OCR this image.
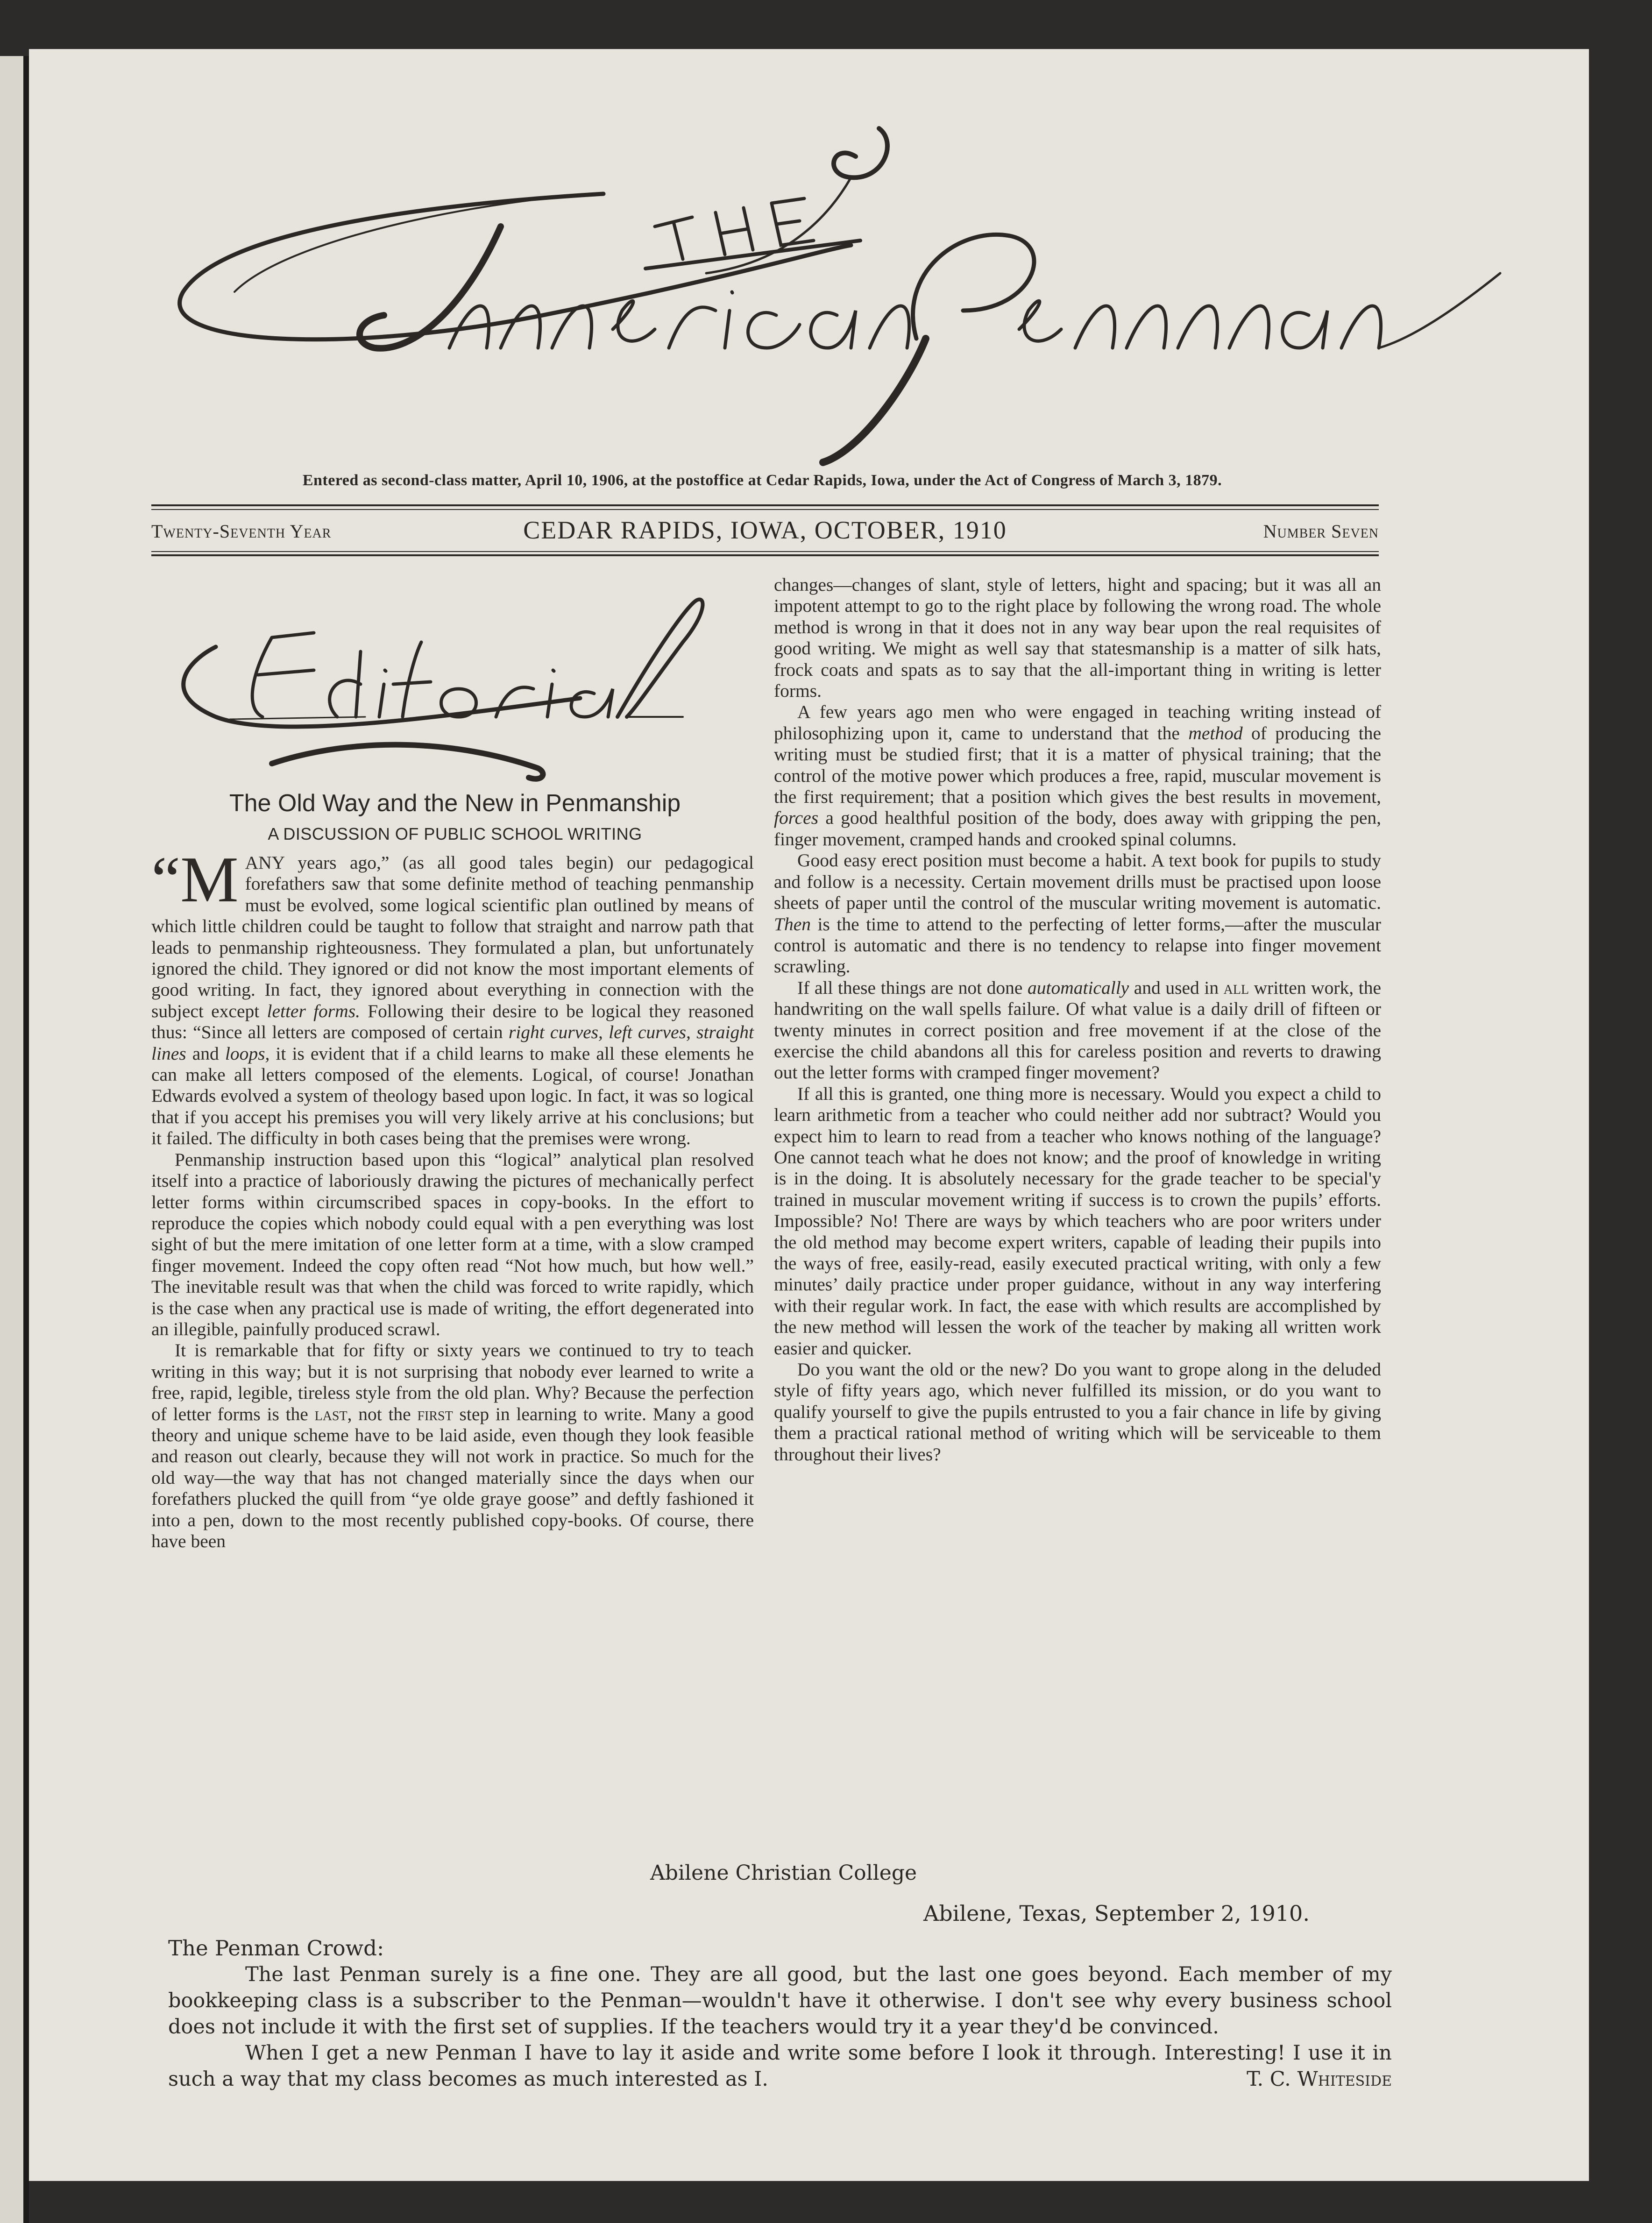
Entered as second-class matter, April 10, 1906, at the postoffice at Cedar Rapids, Iowa, under the Act of Congress of March 3, 1879.
Twenty-Seventh Year	CEDAR RAPIDS, IOWA, OCTOBER, 1910	Number Seven
The Old Way and the New in Penmanship
A DISCUSSION OF PUBLIC SCHOOL WRITING
“M ANY years ago,” (as all good tales begin) our pedagogical forefathers saw that some definite method of teaching penmanship must be evolved, some logical scientific plan outlined by means of which little children could be taught to follow that straight and narrow path that leads to penmanship righteousness. They formulated a plan, but unfortunately ignored the child. They ignored or did not know the most important elements of good writing. In fact, they ignored about everything in connection with the subject except letter forms. Following their desire to be logical they reasoned thus: “Since all letters are composed of certain right curves, left curves, straight lines and loops, it is evident that if a child learns to make all these elements he can make all letters composed of the elements. Logical, of course! Jonathan Edwards evolved a system of theology based upon logic. In fact, it was so logical that if you accept his premises you will very likely arrive at his conclusions; but it failed. The difficulty in both cases being that the premises were wrong.

Penmanship instruction based upon this “logical” analytical plan resolved itself into a practice of laboriously drawing the pictures of mechanically perfect letter forms within circumscribed spaces in copy-books. In the effort to reproduce the copies which nobody could equal with a pen everything was lost sight of but the mere imitation of one letter form at a time, with a slow cramped finger movement. Indeed the copy often read “Not how much, but how well.” The inevitable result was that when the child was forced to write rapidly, which is the case when any practical use is made of writing, the effort degenerated into an illegible, painfully produced scrawl.

It is remarkable that for fifty or sixty years we continued to try to teach writing in this way; but it is not surprising that nobody ever learned to write a free, rapid, legible, tireless style from the old plan. Why? Because the perfection of letter forms is the last, not the first step in learning to write. Many a good theory and unique scheme have to be laid aside, even though they look feasible and reason out clearly, because they will not work in practice. So much for the old way—the way that has not changed materially since the days when our forefathers plucked the quill from “ye olde graye goose” and deftly fashioned it into a pen, down to the most recently published copy-books. Of course, there have been

changes—changes of slant, style of letters, hight and spacing; but it was all an impotent attempt to go to the right place by following the wrong road. The whole method is wrong in that it does not in any way bear upon the real requisites of good writing. We might as well say that statesmanship is a matter of silk hats, frock coats and spats as to say that the all-important thing in writing is letter forms.

A few years ago men who were engaged in teaching writing instead of philosophizing upon it, came to understand that the method of producing the writing must be studied first; that it is a matter of physical training; that the control of the motive power which produces a free, rapid, muscular movement is the first requirement; that a position which gives the best results in movement, forces a good healthful position of the body, does away with gripping the pen, finger movement, cramped hands and crooked spinal columns.

Good easy erect position must become a habit. A text book for pupils to study and follow is a necessity. Certain movement drills must be practised upon loose sheets of paper until the control of the muscular writing movement is automatic. Then is the time to attend to the perfecting of letter forms,—after the muscular control is automatic and there is no tendency to relapse into finger movement scrawling.

If all these things are not done automatically and used in all written work, the handwriting on the wall spells failure. Of what value is a daily drill of fifteen or twenty minutes in correct position and free movement if at the close of the exercise the child abandons all this for careless position and reverts to drawing out the letter forms with cramped finger movement?

If all this is granted, one thing more is necessary. Would you expect a child to learn arithmetic from a teacher who could neither add nor subtract? Would you expect him to learn to read from a teacher who knows nothing of the language? One cannot teach what he does not know; and the proof of knowledge in writing is in the doing. It is absolutely necessary for the grade teacher to be special'y trained in muscular movement writing if success is to crown the pupils’ efforts. Impossible? No! There are ways by which teachers who are poor writers under the old method may become expert writers, capable of leading their pupils into the ways of free, easily-read, easily executed practical writing, with only a few minutes’ daily practice under proper guidance, without in any way interfering with their regular work. In fact, the ease with which results are accomplished by the new method will lessen the work of the teacher by making all written work easier and quicker.

Do you want the old or the new? Do you want to grope along in the deluded style of fifty years ago, which never fulfilled its mission, or do you want to qualify yourself to give the pupils entrusted to you a fair chance in life by giving them a practical rational method of writing which will be serviceable to them throughout their lives?

Abilene Christian College
Abilene, Texas, September 2, 1910.
The Penman Crowd:

The last Penman surely is a fine one. They are all good, but the last one goes beyond. Each member of my bookkeeping class is a subscriber to the Penman—wouldn't have it otherwise. I don't see why every business school does not include it with the first set of supplies. If the teachers would try it a year they'd be convinced.

When I get a new Penman I have to lay it aside and write some before I look it through. Interesting! I use it in such a way that my class becomes as much interested as I.	T. C. Whiteside
